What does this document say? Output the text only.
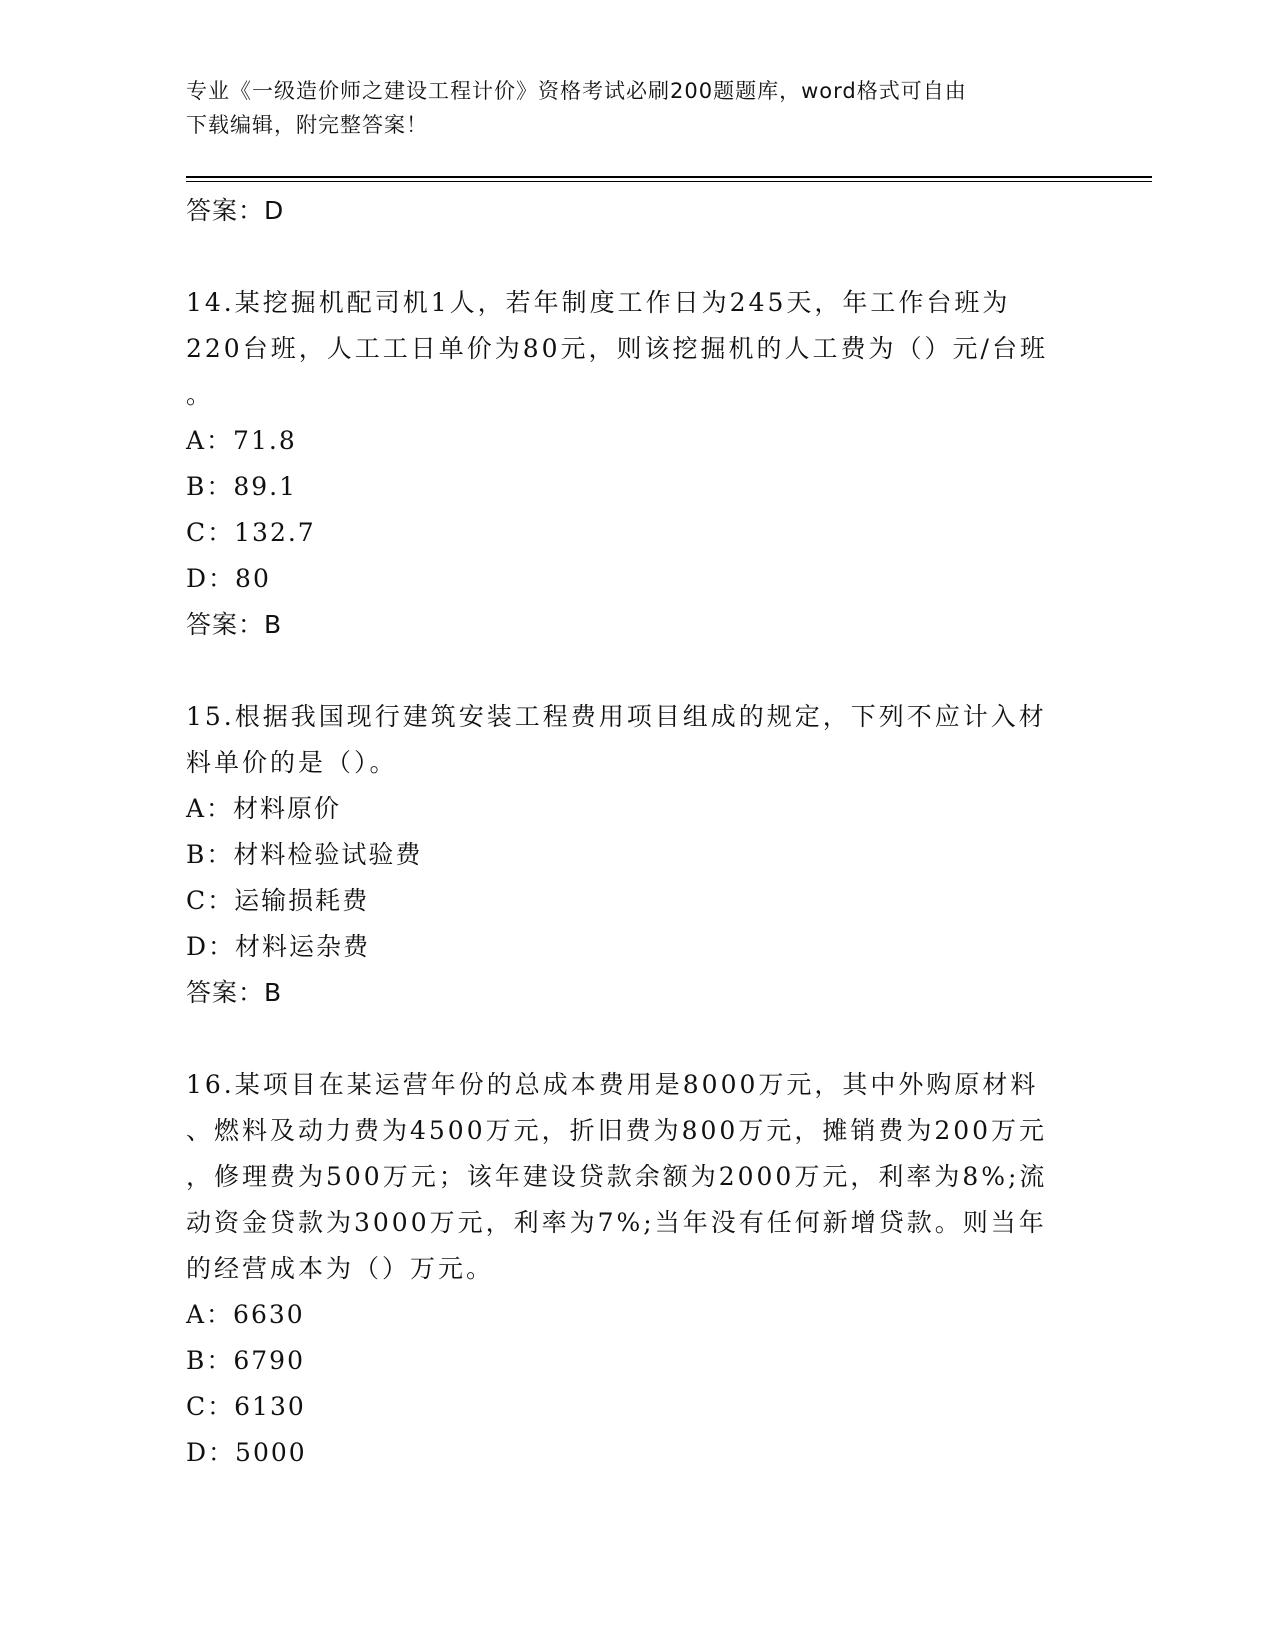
专业《一级造价师之建设工程计价》资格考试必刷200题题库，word格式可自由
下载编辑，附完整答案！
答案：D
14.某挖掘机配司机1人，若年制度工作日为245天，年工作台班为
220台班，人工工日单价为80元，则该挖掘机的人工费为（）元/台班
。
A：71.8
B：89.1
C：132.7
D：80
答案：B
15.根据我国现行建筑安装工程费用项目组成的规定，下列不应计入材
料单价的是（）。
A：材料原价
B：材料检验试验费
C：运输损耗费
D：材料运杂费
答案：B
16.某项目在某运营年份的总成本费用是8000万元，其中外购原材料
、燃料及动力费为4500万元，折旧费为800万元，摊销费为200万元
，修理费为500万元；该年建设贷款余额为2000万元，利率为8%;流
动资金贷款为3000万元，利率为7%;当年没有任何新增贷款。则当年
的经营成本为（）万元。
A：6630
B：6790
C：6130
D：5000
